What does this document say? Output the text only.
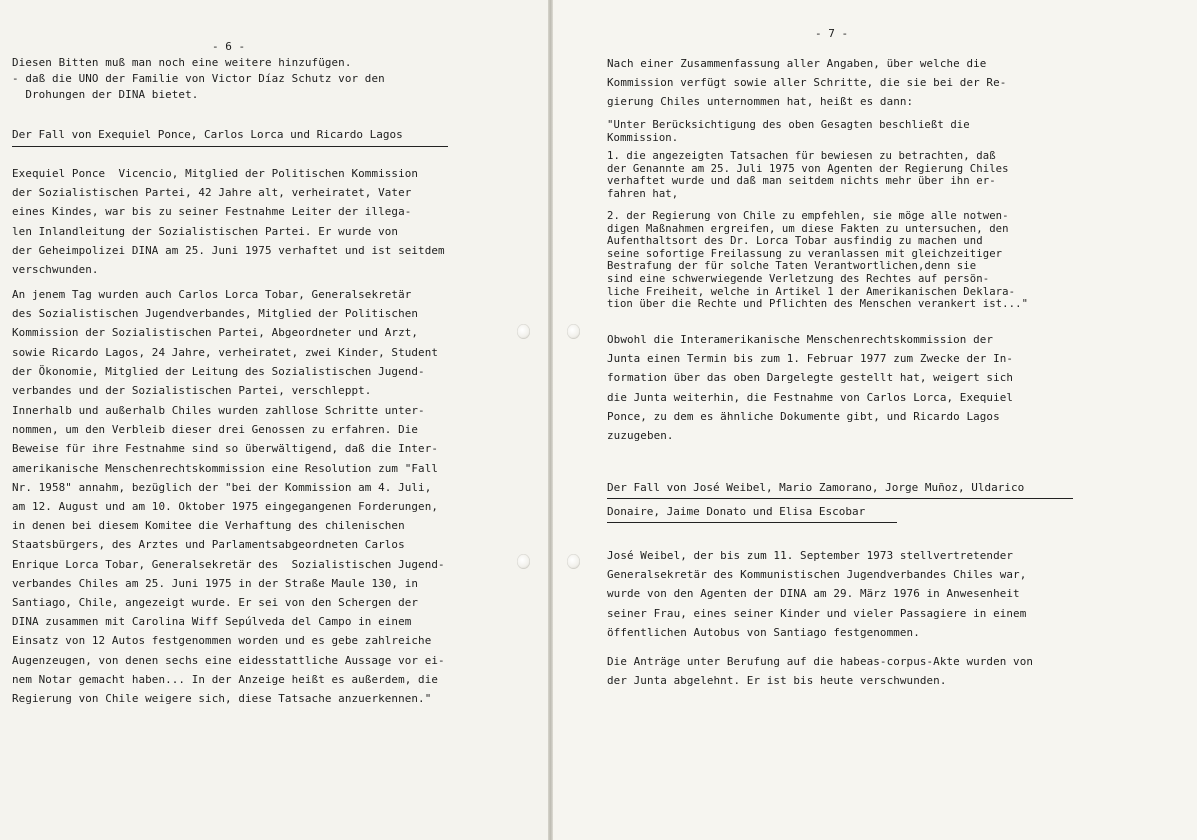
- 6 -
Diesen Bitten muß man noch eine weitere hinzufügen.
- daß die UNO der Familie von Victor Díaz Schutz vor den
Drohungen der DINA bietet.
Der Fall von Exequiel Ponce, Carlos Lorca und Ricardo Lagos
Exequiel Ponce  Vicencio, Mitglied der Politischen Kommission
der Sozialistischen Partei, 42 Jahre alt, verheiratet, Vater
eines Kindes, war bis zu seiner Festnahme Leiter der illega-
len Inlandleitung der Sozialistischen Partei. Er wurde von
der Geheimpolizei DINA am 25. Juni 1975 verhaftet und ist seitdem
verschwunden.
An jenem Tag wurden auch Carlos Lorca Tobar, Generalsekretär
des Sozialistischen Jugendverbandes, Mitglied der Politischen
Kommission der Sozialistischen Partei, Abgeordneter und Arzt,
sowie Ricardo Lagos, 24 Jahre, verheiratet, zwei Kinder, Student
der Ökonomie, Mitglied der Leitung des Sozialistischen Jugend-
verbandes und der Sozialistischen Partei, verschleppt.
Innerhalb und außerhalb Chiles wurden zahllose Schritte unter-
nommen, um den Verbleib dieser drei Genossen zu erfahren. Die
Beweise für ihre Festnahme sind so überwältigend, daß die Inter-
amerikanische Menschenrechtskommission eine Resolution zum "Fall
Nr. 1958" annahm, bezüglich der "bei der Kommission am 4. Juli,
am 12. August und am 10. Oktober 1975 eingegangenen Forderungen,
in denen bei diesem Komitee die Verhaftung des chilenischen
Staatsbürgers, des Arztes und Parlamentsabgeordneten Carlos
Enrique Lorca Tobar, Generalsekretär des  Sozialistischen Jugend-
verbandes Chiles am 25. Juni 1975 in der Straße Maule 130, in
Santiago, Chile, angezeigt wurde. Er sei von den Schergen der
DINA zusammen mit Carolina Wiff Sepúlveda del Campo in einem
Einsatz von 12 Autos festgenommen worden und es gebe zahlreiche
Augenzeugen, von denen sechs eine eidesstattliche Aussage vor ei-
nem Notar gemacht haben... In der Anzeige heißt es außerdem, die
Regierung von Chile weigere sich, diese Tatsache anzuerkennen."
- 7 -
Nach einer Zusammenfassung aller Angaben, über welche die
Kommission verfügt sowie aller Schritte, die sie bei der Re-
gierung Chiles unternommen hat, heißt es dann:
"Unter Berücksichtigung des oben Gesagten beschließt die
Kommission.
1. die angezeigten Tatsachen für bewiesen zu betrachten, daß
der Genannte am 25. Juli 1975 von Agenten der Regierung Chiles
verhaftet wurde und daß man seitdem nichts mehr über ihn er-
fahren hat,
2. der Regierung von Chile zu empfehlen, sie möge alle notwen-
digen Maßnahmen ergreifen, um diese Fakten zu untersuchen, den
Aufenthaltsort des Dr. Lorca Tobar ausfindig zu machen und
seine sofortige Freilassung zu veranlassen mit gleichzeitiger
Bestrafung der für solche Taten Verantwortlichen,denn sie
sind eine schwerwiegende Verletzung des Rechtes auf persön-
liche Freiheit, welche in Artikel 1 der Amerikanischen Deklara-
tion über die Rechte und Pflichten des Menschen verankert ist..."
Obwohl die Interamerikanische Menschenrechtskommission der
Junta einen Termin bis zum 1. Februar 1977 zum Zwecke der In-
formation über das oben Dargelegte gestellt hat, weigert sich
die Junta weiterhin, die Festnahme von Carlos Lorca, Exequiel
Ponce, zu dem es ähnliche Dokumente gibt, und Ricardo Lagos
zuzugeben.
Der Fall von José Weibel, Mario Zamorano, Jorge Muñoz, Uldarico
Donaire, Jaime Donato und Elisa Escobar
José Weibel, der bis zum 11. September 1973 stellvertretender
Generalsekretär des Kommunistischen Jugendverbandes Chiles war,
wurde von den Agenten der DINA am 29. März 1976 in Anwesenheit
seiner Frau, eines seiner Kinder und vieler Passagiere in einem
öffentlichen Autobus von Santiago festgenommen.
Die Anträge unter Berufung auf die habeas-corpus-Akte wurden von
der Junta abgelehnt. Er ist bis heute verschwunden.
